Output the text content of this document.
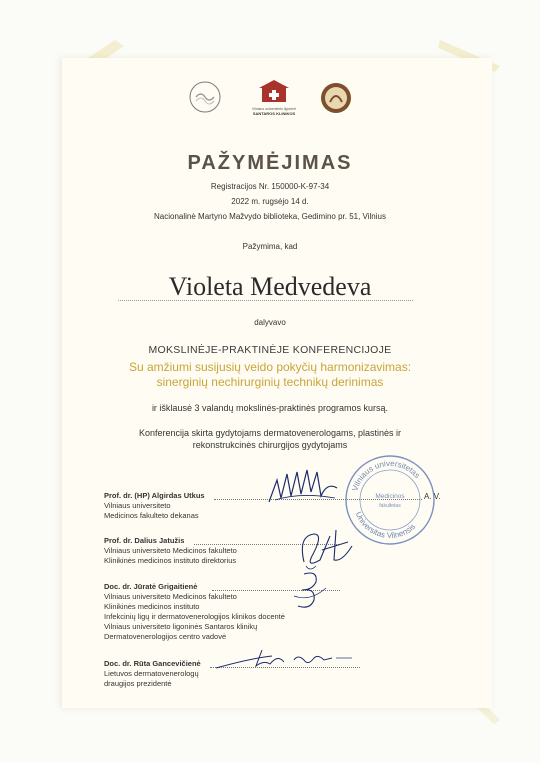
Vilniaus universiteto ligoninė
SANTAROS KLINIKOS
PAŽYMĖJIMAS
Registracijos Nr. 150000-K-97-34
2022 m. rugsėjo 14 d.
Nacionalinė Martyno Mažvydo biblioteka, Gedimino pr. 51, Vilnius
Pažymima, kad
Violeta Medvedeva
dalyvavo
MOKSLINĖJE-PRAKTINĖJE KONFERENCIJOJE
Su amžiumi susijusių veido pokyčių harmonizavimas:
sinerginių nechirurginių technikų derinimas
ir išklausė 3 valandų mokslinės-praktinės programos kursą.
Konferencija skirta gydytojams dermatovenerologams, plastinės ir
rekonstrukcinės chirurgijos gydytojams
Vilniaus universitetas
Universitas Vilnensis
Medicinos
fakultetas
A. V.
Prof. dr. (HP) Algirdas Utkus
Vilniaus universiteto
Medicinos fakulteto dekanas
Prof. dr. Dalius Jatužis
Vilniaus universiteto Medicinos fakulteto
Klinikinės medicinos instituto direktorius
Doc. dr. Jūratė Grigaitienė
Vilniaus universiteto Medicinos fakulteto
Klinikinės medicinos instituto
Infekcinių ligų ir dermatovenerologijos klinikos docentė
Vilniaus universiteto ligoninės Santaros klinikų
Dermatovenerologijos centro vadovė
Doc. dr. Rūta Gancevičienė
Lietuvos dermatovenerologų
draugijos prezidentė
